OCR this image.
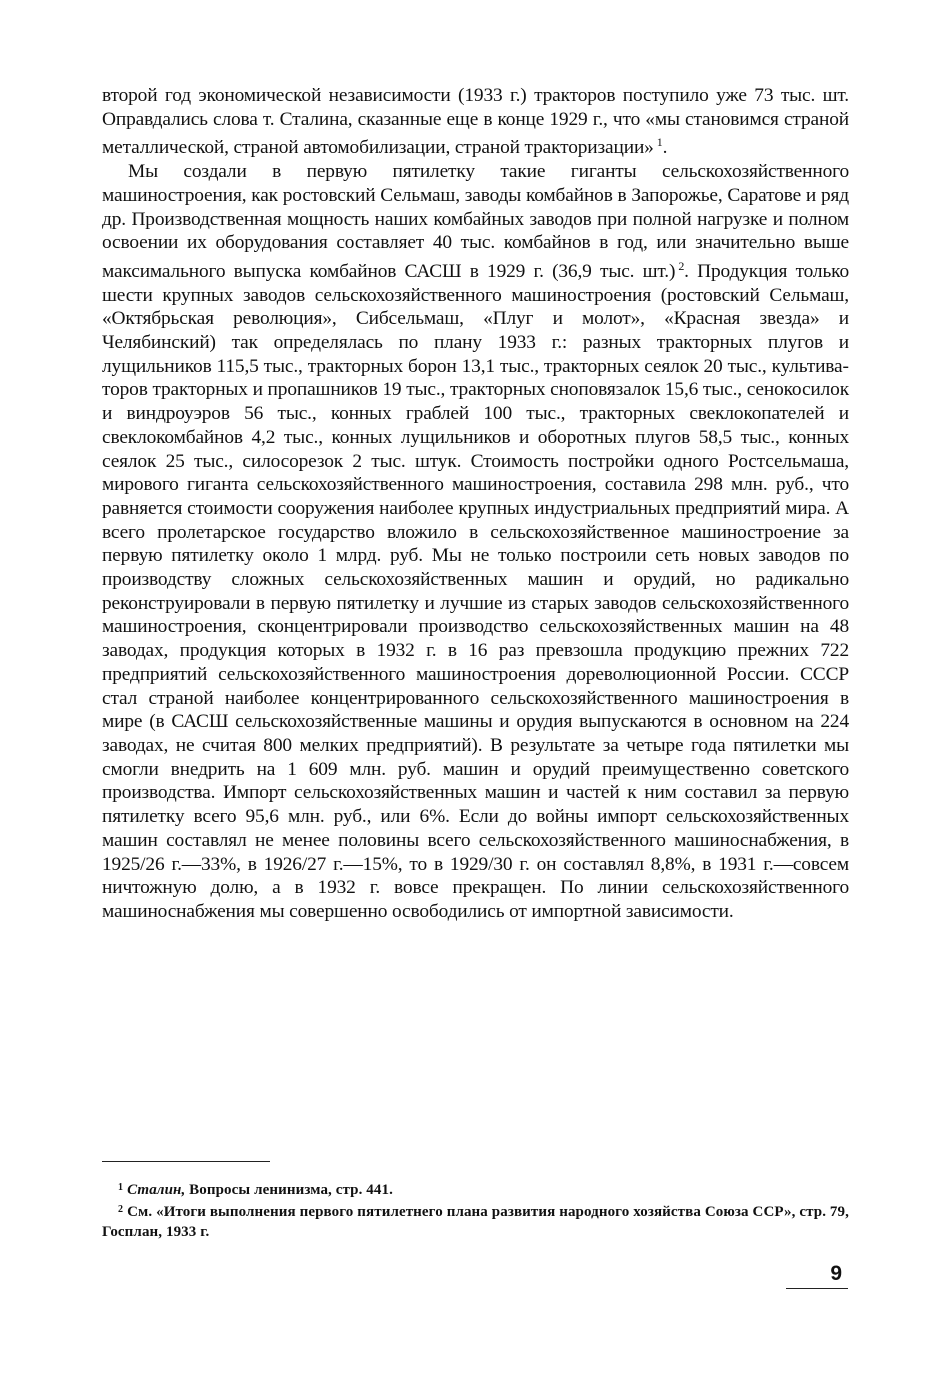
второй год экономической независимости (1933 г.) тракторов поступило уже 73 тыс. шт. Оправдались слова т. Сталина, сказанные еще в конце 1929 г., что «мы становимся страной металлической, страной автомобилизации, страной тракторизации» $^1$.

Мы создали в первую пятилетку такие гиганты сельскохозяйственного машиностроения, как ростовский Сельмаш, заводы комбайнов в Запорожье, Саратове и ряд др. Производственная мощность наших комбайных заводов при полной нагрузке и полном освоении их оборудования составляет 40 тыс. комбайнов в год, или значительно выше максимального выпуска комбайнов САСШ в 1929 г. (36,9 тыс. шт.) $^2$. Продукция только шести крупных заводов сельскохозяйственного машиностроения (ростовский Сельмаш, «Октябрьская революция», Сибсельмаш, «Плуг и молот», «Красная звезда» и Челябинский) так определялась по плану 1933 г.: разных тракторных плугов и лущильников 115,5 тыс., тракторных борон 13,1 тыс., тракторных сеялок 20 тыс., культиваторов тракторных и пропашников 19 тыс., тракторных сноповязалок 15,6 тыс., сенокосилок и виндроуэров 56 тыс., конных граблей 100 тыс., тракторных свеклокопателей и свеклокомбайнов 4,2 тыс., конных лущильников и оборотных плугов 58,5 тыс., конных сеялок 25 тыс., силосорезок 2 тыс. штук. Стоимость постройки одного Ростсельмаша, мирового гиганта сельскохозяйственного машиностроения, составила 298 млн. руб., что равняется стоимости сооружения наиболее крупных индустриальных предприятий мира. А всего пролетарское государство вложило в сельскохозяйственное машиностроение за первую пятилетку около 1 млрд. руб. Мы не только построили сеть новых заводов по производству сложных сельскохозяйственных машин и орудий, но радикально реконструировали в первую пятилетку и лучшие из старых заводов сельскохозяйственного машиностроения, сконцентрировали производство сельскохозяйственных машин на 48 заводах, продукция которых в 1932 г. в 16 раз превзошла продукцию прежних 722 предприятий сельскохозяйственного машиностроения дореволюционной России. СССР стал страной наиболее концентрированного сельскохозяйственного машиностроения в мире (в САСШ сельскохозяйственные машины и орудия выпускаются в основном на 224 заводах, не считая 800 мелких предприятий). В результате за четыре года пятилетки мы смогли внедрить на 1 609 млн. руб. машин и орудий преимущественно советского производства. Импорт сельскохозяйственных машин и частей к ним составил за первую пятилетку всего 95,6 млн. руб., или 6%. Если до войны импорт сельскохозяйственных машин составлял не менее половины всего сельскохозяйственного машиноснабжения, в 1925/26 г.—33%, в 1926/27 г.—15%, то в 1929/30 г. он составлял 8,8%, в 1931 г.—совсем ничтожную долю, а в 1932 г. вовсе прекращен. По линии сельскохозяйственного машиноснабжения мы совершенно освободились от импортной зависимости.

$^1$ Сталин, Вопросы ленинизма, стр. 441.

$^2$ См. «Итоги выполнения первого пятилетнего плана развития народного хозяйства Союза ССР», стр. 79, Госплан, 1933 г.

9
